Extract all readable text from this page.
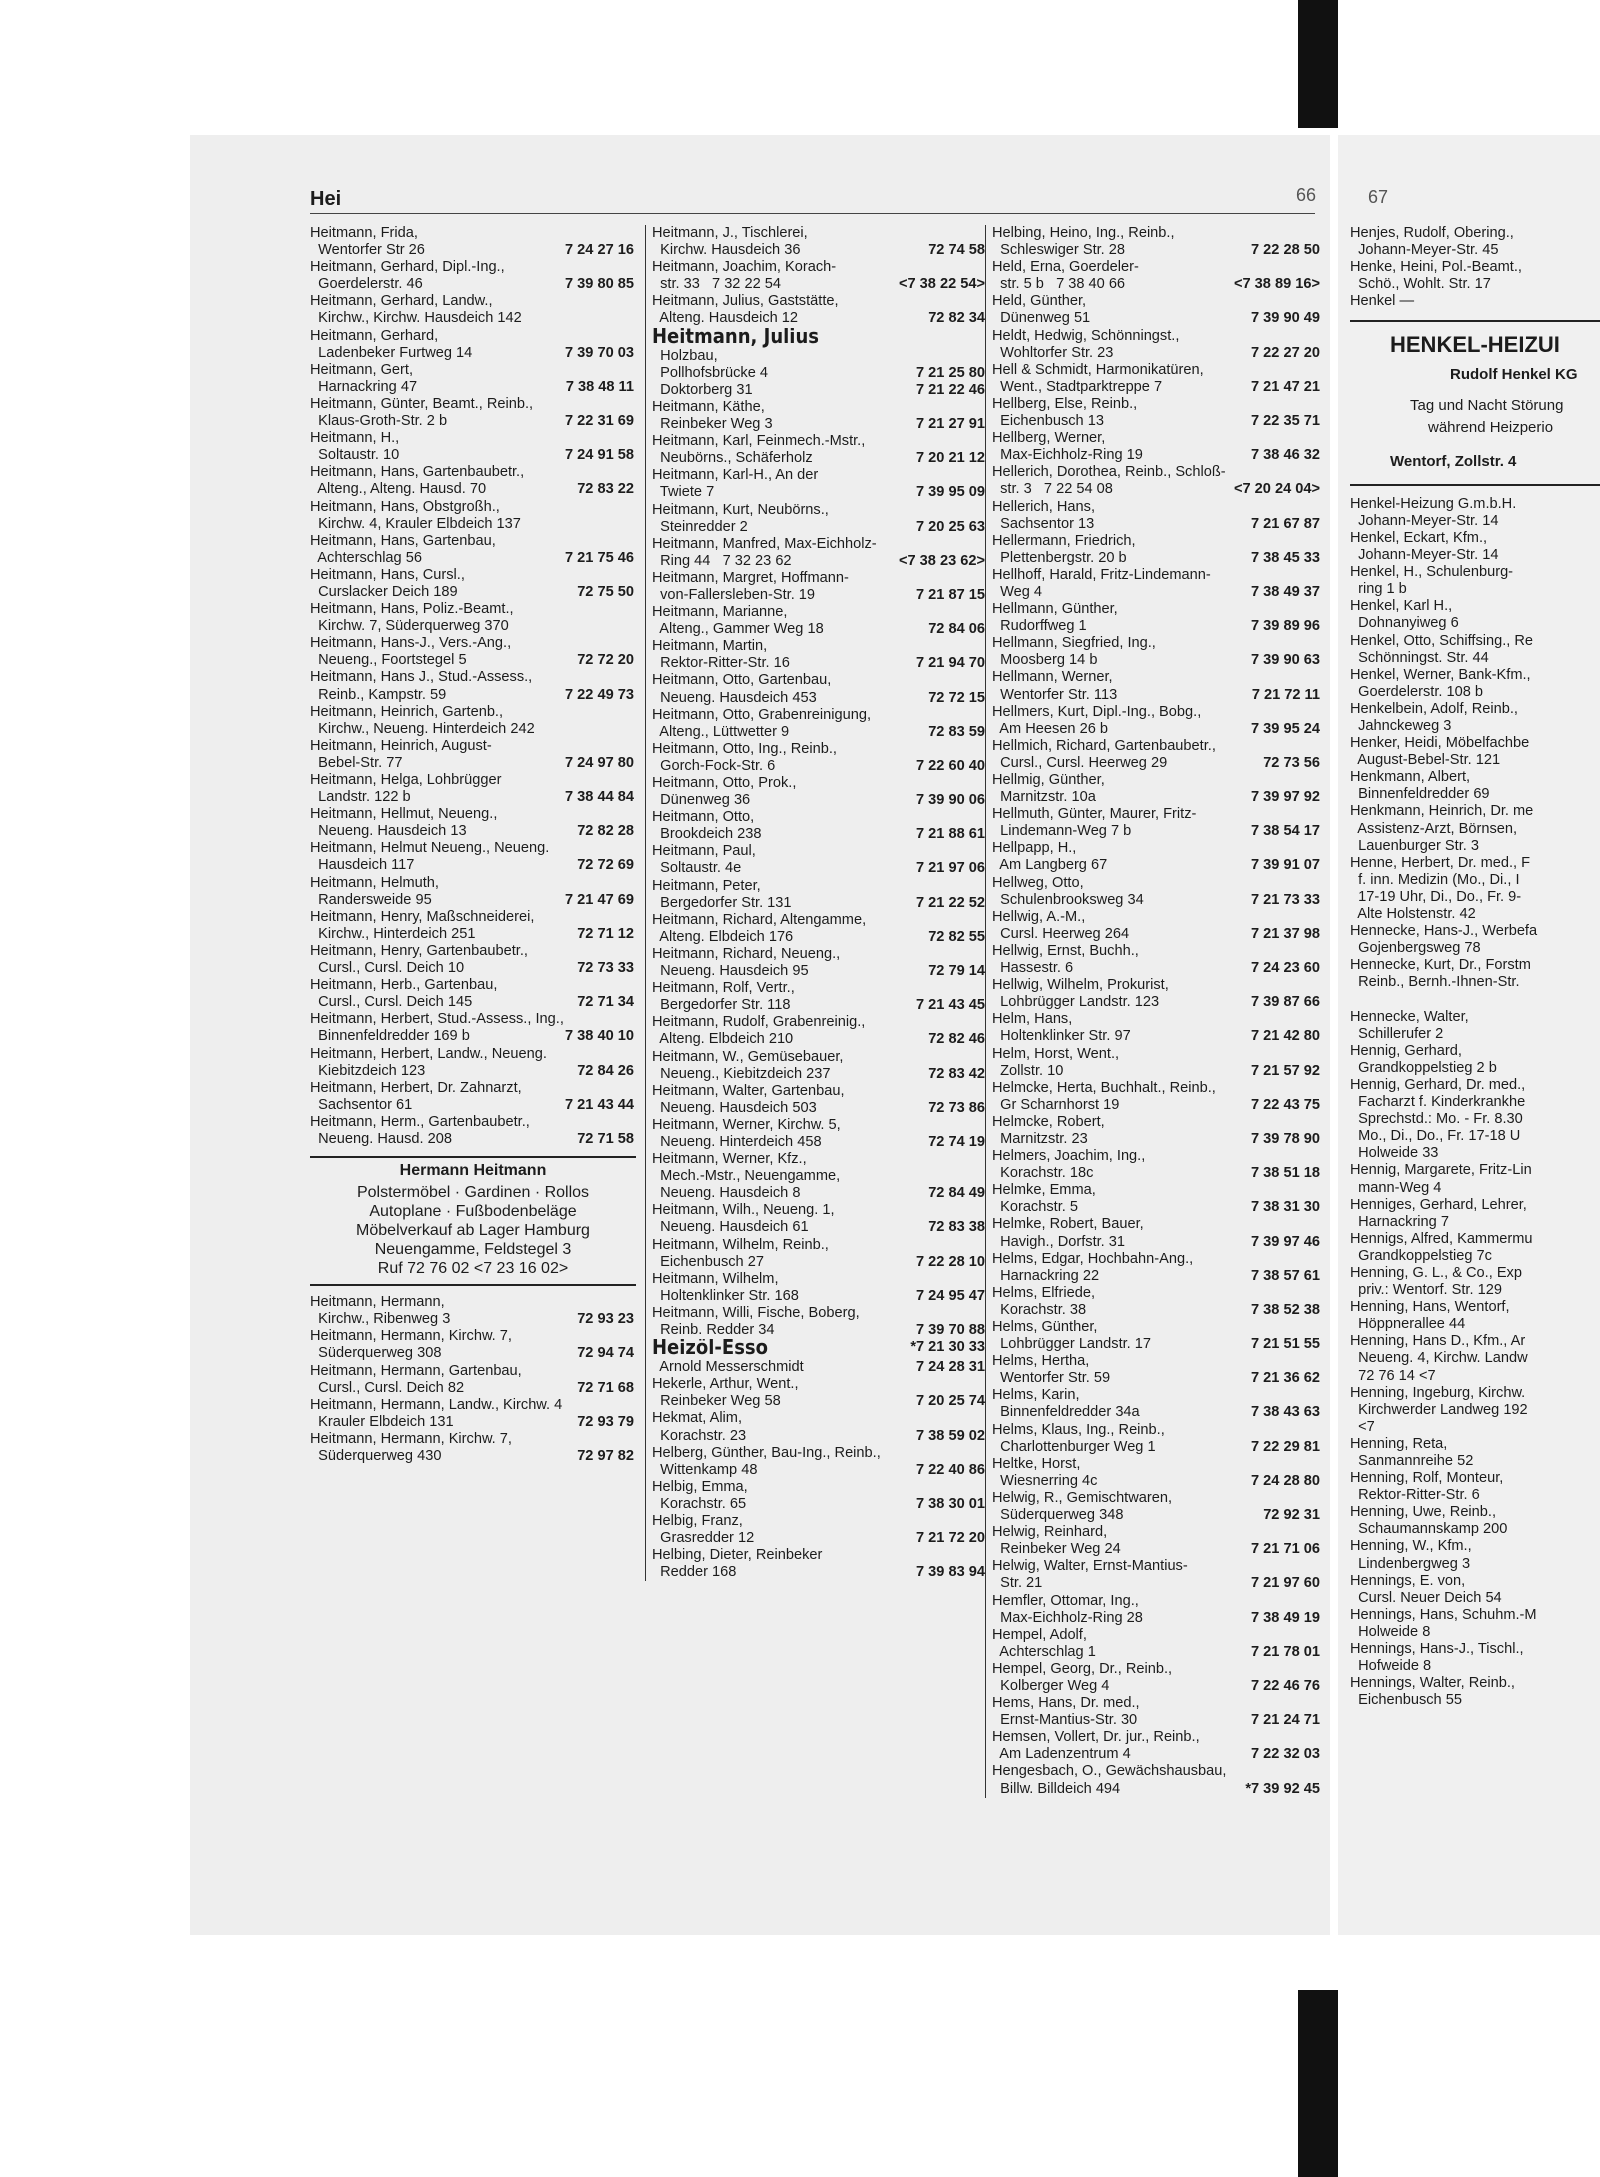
Hei	66
Heitmann, Frida,
Wentorfer Str 26	7 24 27 16
Heitmann, Gerhard, Dipl.-Ing.,
Goerdelerstr. 46	7 39 80 85
Heitmann, Gerhard, Landw.,
Kirchw., Kirchw. Hausdeich 142
Heitmann, Gerhard,
Ladenbeker Furtweg 14	7 39 70 03
Heitmann, Gert,
Harnackring 47	7 38 48 11
Heitmann, Günter, Beamt., Reinb.,
Klaus-Groth-Str. 2 b	7 22 31 69
Heitmann, H.,
Soltaustr. 10	7 24 91 58
Heitmann, Hans, Gartenbaubetr.,
Alteng., Alteng. Hausd. 70	72 83 22
Heitmann, Hans, Obstgroßh.,
Kirchw. 4, Krauler Elbdeich 137
Heitmann, Hans, Gartenbau,
Achterschlag 56	7 21 75 46
Heitmann, Hans, Cursl.,
Curslacker Deich 189	72 75 50
Heitmann, Hans, Poliz.-Beamt.,
Kirchw. 7, Süderquerweg 370
Heitmann, Hans-J., Vers.-Ang.,
Neueng., Foortstegel 5	72 72 20
Heitmann, Hans J., Stud.-Assess.,
Reinb., Kampstr. 59	7 22 49 73
Heitmann, Heinrich, Gartenb.,
Kirchw., Neueng. Hinterdeich 242
Heitmann, Heinrich, August-
Bebel-Str. 77	7 24 97 80
Heitmann, Helga, Lohbrügger
Landstr. 122 b	7 38 44 84
Heitmann, Hellmut, Neueng.,
Neueng. Hausdeich 13	72 82 28
Heitmann, Helmut Neueng., Neueng.
Hausdeich 117	72 72 69
Heitmann, Helmuth,
Randersweide 95	7 21 47 69
Heitmann, Henry, Maßschneiderei,
Kirchw., Hinterdeich 251	72 71 12
Heitmann, Henry, Gartenbaubetr.,
Cursl., Cursl. Deich 10	72 73 33
Heitmann, Herb., Gartenbau,
Cursl., Cursl. Deich 145	72 71 34
Heitmann, Herbert, Stud.-Assess., Ing.,
Binnenfeldredder 169 b	7 38 40 10
Heitmann, Herbert, Landw., Neueng.
Kiebitzdeich 123	72 84 26
Heitmann, Herbert, Dr. Zahnarzt,
Sachsentor 61	7 21 43 44
Heitmann, Herm., Gartenbaubetr.,
Neueng. Hausd. 208	72 71 58
Hermann Heitmann
Polstermöbel · Gardinen · Rollos
Autoplane · Fußbodenbeläge
Möbelverkauf ab Lager Hamburg
Neuengamme, Feldstegel 3
Ruf 72 76 02 <7 23 16 02>
Heitmann, Hermann,
Kirchw., Ribenweg 3	72 93 23
Heitmann, Hermann, Kirchw. 7,
Süderquerweg 308	72 94 74
Heitmann, Hermann, Gartenbau,
Cursl., Cursl. Deich 82	72 71 68
Heitmann, Hermann, Landw., Kirchw. 4
Krauler Elbdeich 131	72 93 79
Heitmann, Hermann, Kirchw. 7,
Süderquerweg 430	72 97 82
Heitmann, J., Tischlerei,
Kirchw. Hausdeich 36	72 74 58
Heitmann, Joachim, Korach-
str. 33   7 32 22 54	<7 38 22 54>
Heitmann, Julius, Gaststätte,
Alteng. Hausdeich 12	72 82 34
Heitmann, Julius
Holzbau,
Pollhofsbrücke 4	7 21 25 80
Doktorberg 31	7 21 22 46
Heitmann, Käthe,
Reinbeker Weg 3	7 21 27 91
Heitmann, Karl, Feinmech.-Mstr.,
Neubörns., Schäferholz	7 20 21 12
Heitmann, Karl-H., An der
Twiete 7	7 39 95 09
Heitmann, Kurt, Neubörns.,
Steinredder 2	7 20 25 63
Heitmann, Manfred, Max-Eichholz-
Ring 44   7 32 23 62	<7 38 23 62>
Heitmann, Margret, Hoffmann-
von-Fallersleben-Str. 19	7 21 87 15
Heitmann, Marianne,
Alteng., Gammer Weg 18	72 84 06
Heitmann, Martin,
Rektor-Ritter-Str. 16	7 21 94 70
Heitmann, Otto, Gartenbau,
Neueng. Hausdeich 453	72 72 15
Heitmann, Otto, Grabenreinigung,
Alteng., Lüttwetter 9	72 83 59
Heitmann, Otto, Ing., Reinb.,
Gorch-Fock-Str. 6	7 22 60 40
Heitmann, Otto, Prok.,
Dünenweg 36	7 39 90 06
Heitmann, Otto,
Brookdeich 238	7 21 88 61
Heitmann, Paul,
Soltaustr. 4e	7 21 97 06
Heitmann, Peter,
Bergedorfer Str. 131	7 21 22 52
Heitmann, Richard, Altengamme,
Alteng. Elbdeich 176	72 82 55
Heitmann, Richard, Neueng.,
Neueng. Hausdeich 95	72 79 14
Heitmann, Rolf, Vertr.,
Bergedorfer Str. 118	7 21 43 45
Heitmann, Rudolf, Grabenreinig.,
Alteng. Elbdeich 210	72 82 46
Heitmann, W., Gemüsebauer,
Neueng., Kiebitzdeich 237	72 83 42
Heitmann, Walter, Gartenbau,
Neueng. Hausdeich 503	72 73 86
Heitmann, Werner, Kirchw. 5,
Neueng. Hinterdeich 458	72 74 19
Heitmann, Werner, Kfz.,
Mech.-Mstr., Neuengamme,
Neueng. Hausdeich 8	72 84 49
Heitmann, Wilh., Neueng. 1,
Neueng. Hausdeich 61	72 83 38
Heitmann, Wilhelm, Reinb.,
Eichenbusch 27	7 22 28 10
Heitmann, Wilhelm,
Holtenklinker Str. 168	7 24 95 47
Heitmann, Willi, Fische, Boberg,
Reinb. Redder 34	7 39 70 88
Heizöl-Esso	*7 21 30 33
Arnold Messerschmidt	7 24 28 31
Hekerle, Arthur, Went.,
Reinbeker Weg 58	7 20 25 74
Hekmat, Alim,
Korachstr. 23	7 38 59 02
Helberg, Günther, Bau-Ing., Reinb.,
Wittenkamp 48	7 22 40 86
Helbig, Emma,
Korachstr. 65	7 38 30 01
Helbig, Franz,
Grasredder 12	7 21 72 20
Helbing, Dieter, Reinbeker
Redder 168	7 39 83 94
Helbing, Heino, Ing., Reinb.,
Schleswiger Str. 28	7 22 28 50
Held, Erna, Goerdeler-
str. 5 b   7 38 40 66	<7 38 89 16>
Held, Günther,
Dünenweg 51	7 39 90 49
Heldt, Hedwig, Schönningst.,
Wohltorfer Str. 23	7 22 27 20
Hell & Schmidt, Harmonikatüren,
Went., Stadtparktreppe 7	7 21 47 21
Hellberg, Else, Reinb.,
Eichenbusch 13	7 22 35 71
Hellberg, Werner,
Max-Eichholz-Ring 19	7 38 46 32
Hellerich, Dorothea, Reinb., Schloß-
str. 3   7 22 54 08	<7 20 24 04>
Hellerich, Hans,
Sachsentor 13	7 21 67 87
Hellermann, Friedrich,
Plettenbergstr. 20 b	7 38 45 33
Hellhoff, Harald, Fritz-Lindemann-
Weg 4	7 38 49 37
Hellmann, Günther,
Rudorffweg 1	7 39 89 96
Hellmann, Siegfried, Ing.,
Moosberg 14 b	7 39 90 63
Hellmann, Werner,
Wentorfer Str. 113	7 21 72 11
Hellmers, Kurt, Dipl.-Ing., Bobg.,
Am Heesen 26 b	7 39 95 24
Hellmich, Richard, Gartenbaubetr.,
Cursl., Cursl. Heerweg 29	72 73 56
Hellmig, Günther,
Marnitzstr. 10a	7 39 97 92
Hellmuth, Günter, Maurer, Fritz-
Lindemann-Weg 7 b	7 38 54 17
Hellpapp, H.,
Am Langberg 67	7 39 91 07
Hellweg, Otto,
Schulenbrooksweg 34	7 21 73 33
Hellwig, A.-M.,
Cursl. Heerweg 264	7 21 37 98
Hellwig, Ernst, Buchh.,
Hassestr. 6	7 24 23 60
Hellwig, Wilhelm, Prokurist,
Lohbrügger Landstr. 123	7 39 87 66
Helm, Hans,
Holtenklinker Str. 97	7 21 42 80
Helm, Horst, Went.,
Zollstr. 10	7 21 57 92
Helmcke, Herta, Buchhalt., Reinb.,
Gr Scharnhorst 19	7 22 43 75
Helmcke, Robert,
Marnitzstr. 23	7 39 78 90
Helmers, Joachim, Ing.,
Korachstr. 18c	7 38 51 18
Helmke, Emma,
Korachstr. 5	7 38 31 30
Helmke, Robert, Bauer,
Havigh., Dorfstr. 31	7 39 97 46
Helms, Edgar, Hochbahn-Ang.,
Harnackring 22	7 38 57 61
Helms, Elfriede,
Korachstr. 38	7 38 52 38
Helms, Günther,
Lohbrügger Landstr. 17	7 21 51 55
Helms, Hertha,
Wentorfer Str. 59	7 21 36 62
Helms, Karin,
Binnenfeldredder 34a	7 38 43 63
Helms, Klaus, Ing., Reinb.,
Charlottenburger Weg 1	7 22 29 81
Heltke, Horst,
Wiesnerring 4c	7 24 28 80
Helwig, R., Gemischtwaren,
Süderquerweg 348	72 92 31
Helwig, Reinhard,
Reinbeker Weg 24	7 21 71 06
Helwig, Walter, Ernst-Mantius-
Str. 21	7 21 97 60
Hemfler, Ottomar, Ing.,
Max-Eichholz-Ring 28	7 38 49 19
Hempel, Adolf,
Achterschlag 1	7 21 78 01
Hempel, Georg, Dr., Reinb.,
Kolberger Weg 4	7 22 46 76
Hems, Hans, Dr. med.,
Ernst-Mantius-Str. 30	7 21 24 71
Hemsen, Vollert, Dr. jur., Reinb.,
Am Ladenzentrum 4	7 22 32 03
Hengesbach, O., Gewächshausbau,
Billw. Billdeich 494	*7 39 92 45
67
Henjes, Rudolf, Obering.,
Johann-Meyer-Str. 45
Henke, Heini, Pol.-Beamt.,
Schö., Wohlt. Str. 17
Henkel —
HENKEL-HEIZUI
Rudolf Henkel KG
Tag und Nacht Störung
während Heizperio
Wentorf, Zollstr. 4
Henkel-Heizung G.m.b.H.
Johann-Meyer-Str. 14
Henkel, Eckart, Kfm.,
Johann-Meyer-Str. 14
Henkel, H., Schulenburg-
ring 1 b
Henkel, Karl H.,
Dohnanyiweg 6
Henkel, Otto, Schiffsing., Re
Schönningst. Str. 44
Henkel, Werner, Bank-Kfm.,
Goerdelerstr. 108 b
Henkelbein, Adolf, Reinb.,
Jahnckeweg 3
Henker, Heidi, Möbelfachbe
August-Bebel-Str. 121
Henkmann, Albert,
Binnenfeldredder 69
Henkmann, Heinrich, Dr. me
Assistenz-Arzt, Börnsen,
Lauenburger Str. 3
Henne, Herbert, Dr. med., F
f. inn. Medizin (Mo., Di., I
17-19 Uhr, Di., Do., Fr. 9-
Alte Holstenstr. 42
Hennecke, Hans-J., Werbefa
Gojenbergsweg 78
Hennecke, Kurt, Dr., Forstm
Reinb., Bernh.-Ihnen-Str.

Hennecke, Walter,
Schillerufer 2
Hennig, Gerhard,
Grandkoppelstieg 2 b
Hennig, Gerhard, Dr. med.,
Facharzt f. Kinderkrankhe
Sprechstd.: Mo. - Fr. 8.30
Mo., Di., Do., Fr. 17-18 U
Holweide 33
Hennig, Margarete, Fritz-Lin
mann-Weg 4
Henniges, Gerhard, Lehrer,
Harnackring 7
Hennigs, Alfred, Kammermu
Grandkoppelstieg 7c
Henning, G. L., & Co., Exp
priv.: Wentorf. Str. 129
Henning, Hans, Wentorf,
Höppnerallee 44
Henning, Hans D., Kfm., Ar
Neueng. 4, Kirchw. Landw
72 76 14 <7
Henning, Ingeburg, Kirchw.
Kirchwerder Landweg 192
<7
Henning, Reta,
Sanmannreihe 52
Henning, Rolf, Monteur,
Rektor-Ritter-Str. 6
Henning, Uwe, Reinb.,
Schaumannskamp 200
Henning, W., Kfm.,
Lindenbergweg 3
Hennings, E. von,
Cursl. Neuer Deich 54
Hennings, Hans, Schuhm.-M
Holweide 8
Hennings, Hans-J., Tischl.,
Hofweide 8
Hennings, Walter, Reinb.,
Eichenbusch 55
